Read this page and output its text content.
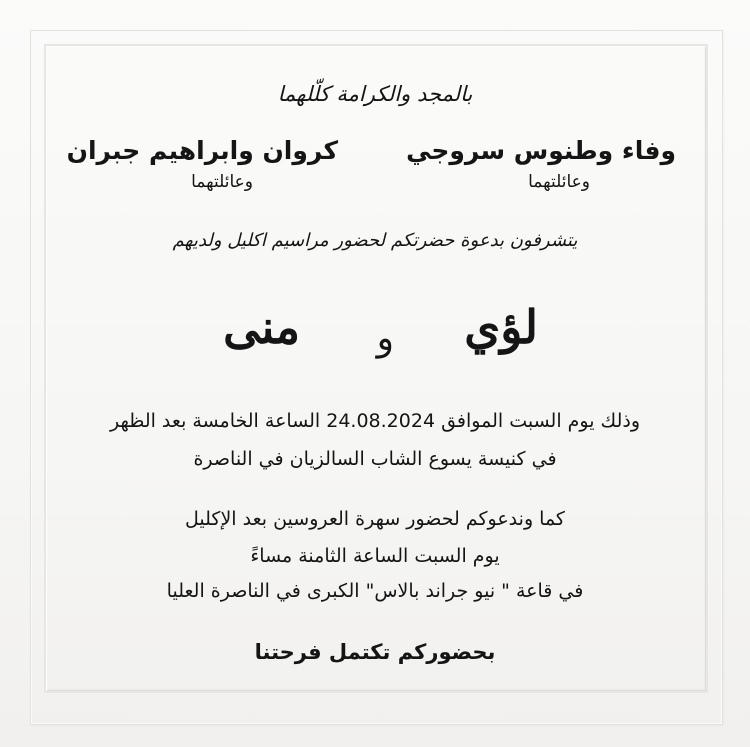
بالمجد والكرامة كلّلهما
وفاء وطنوس سروجي
كروان وابراهيم جبران
وعائلتهما
وعائلتهما
يتشرفون بدعوة حضرتكم لحضور مراسيم اكليل ولديهم
لؤي
و
منى
وذلك يوم السبت الموافق 24.08.2024 الساعة الخامسة بعد الظهر
في كنيسة يسوع الشاب السالزيان في الناصرة
كما وندعوكم لحضور سهرة العروسين بعد الإكليل
يوم السبت الساعة الثامنة مساءً
في قاعة " نيو جراند بالاس" الكبرى في الناصرة العليا
بحضوركم تكتمل فرحتنا
